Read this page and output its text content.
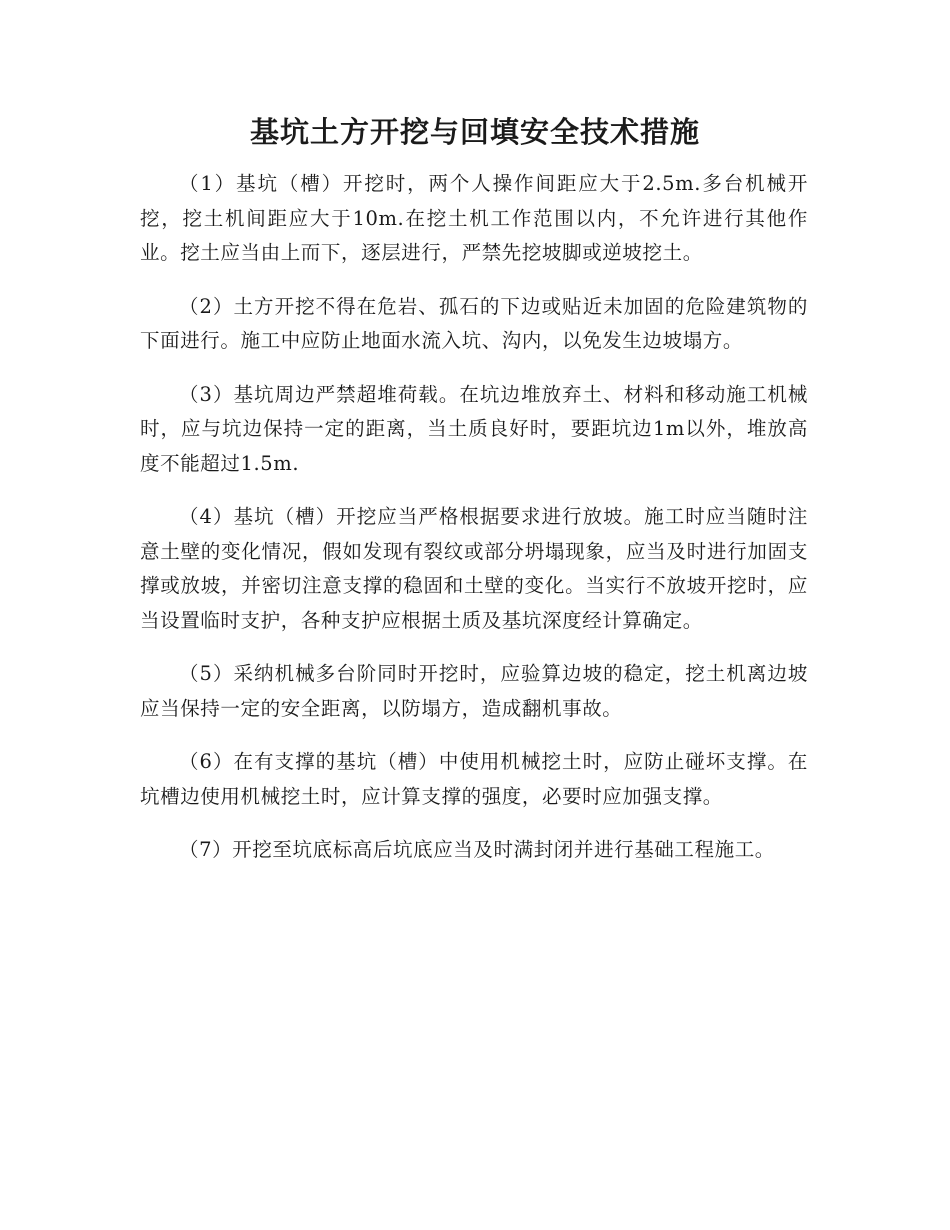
基坑土方开挖与回填安全技术措施

（1）基坑（槽）开挖时，两个人操作间距应大于2.5m.多台机械开挖，挖土机间距应大于10m.在挖土机工作范围以内，不允许进行其他作业。挖土应当由上而下，逐层进行，严禁先挖坡脚或逆坡挖土。

（2）土方开挖不得在危岩、孤石的下边或贴近未加固的危险建筑物的下面进行。施工中应防止地面水流入坑、沟内，以免发生边坡塌方。

（3）基坑周边严禁超堆荷载。在坑边堆放弃土、材料和移动施工机械时，应与坑边保持一定的距离，当土质良好时，要距坑边1m以外，堆放高度不能超过1.5m.

（4）基坑（槽）开挖应当严格根据要求进行放坡。施工时应当随时注意土壁的变化情况，假如发现有裂纹或部分坍塌现象，应当及时进行加固支撑或放坡，并密切注意支撑的稳固和土壁的变化。当实行不放坡开挖时，应当设置临时支护，各种支护应根据土质及基坑深度经计算确定。

（5）采纳机械多台阶同时开挖时，应验算边坡的稳定，挖土机离边坡应当保持一定的安全距离，以防塌方，造成翻机事故。

（6）在有支撑的基坑（槽）中使用机械挖土时，应防止碰坏支撑。在坑槽边使用机械挖土时，应计算支撑的强度，必要时应加强支撑。

（7）开挖至坑底标高后坑底应当及时满封闭并进行基础工程施工。
